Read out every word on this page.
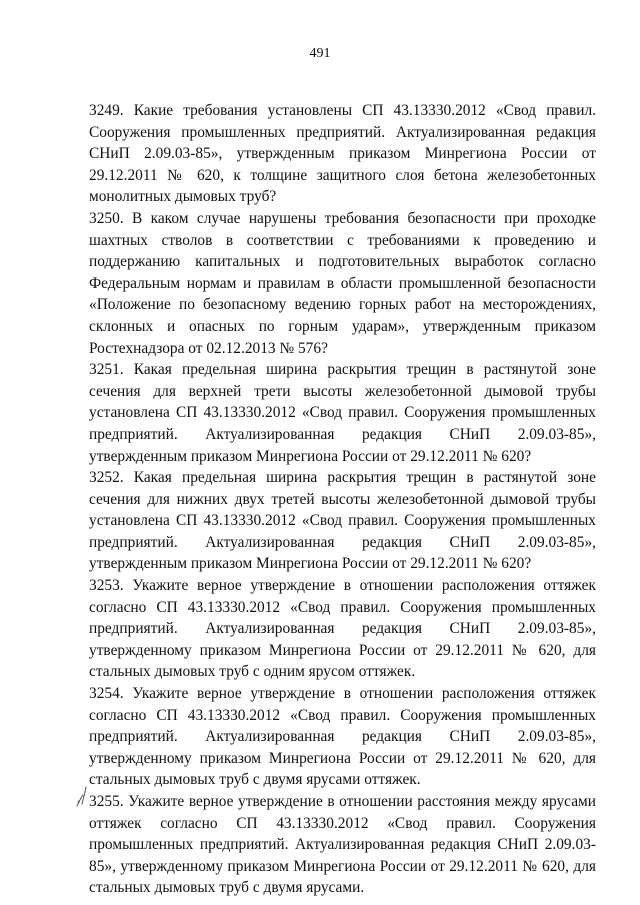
491

3249. Какие требования установлены СП 43.13330.2012 «Свод правил. Сооружения промышленных предприятий. Актуализированная редакция СНиП 2.09.03-85», утвержденным приказом Минрегиона России от 29.12.2011 № 620, к толщине защитного слоя бетона железобетонных монолитных дымовых труб?

3250. В каком случае нарушены требования безопасности при проходке шахтных стволов в соответствии с требованиями к проведению и поддержанию капитальных и подготовительных выработок согласно Федеральным нормам и правилам в области промышленной безопасности «Положение по безопасному ведению горных работ на месторождениях, склонных и опасных по горным ударам», утвержденным приказом Ростехнадзора от 02.12.2013 № 576?

3251. Какая предельная ширина раскрытия трещин в растянутой зоне сечения для верхней трети высоты железобетонной дымовой трубы установлена СП 43.13330.2012 «Свод правил. Сооружения промышленных предприятий. Актуализированная редакция СНиП 2.09.03-85», утвержденным приказом Минрегиона России от 29.12.2011 № 620?

3252. Какая предельная ширина раскрытия трещин в растянутой зоне сечения для нижних двух третей высоты железобетонной дымовой трубы установлена СП 43.13330.2012 «Свод правил. Сооружения промышленных предприятий. Актуализированная редакция СНиП 2.09.03-85», утвержденным приказом Минрегиона России от 29.12.2011 № 620?

3253. Укажите верное утверждение в отношении расположения оттяжек согласно СП 43.13330.2012 «Свод правил. Сооружения промышленных предприятий. Актуализированная редакция СНиП 2.09.03-85», утвержденному приказом Минрегиона России от 29.12.2011 № 620, для стальных дымовых труб с одним ярусом оттяжек.

3254. Укажите верное утверждение в отношении расположения оттяжек согласно СП 43.13330.2012 «Свод правил. Сооружения промышленных предприятий. Актуализированная редакция СНиП 2.09.03-85», утвержденному приказом Минрегиона России от 29.12.2011 № 620, для стальных дымовых труб с двумя ярусами оттяжек.

3255. Укажите верное утверждение в отношении расстояния между ярусами оттяжек согласно СП 43.13330.2012 «Свод правил. Сооружения промышленных предприятий. Актуализированная редакция СНиП 2.09.03-85», утвержденному приказом Минрегиона России от 29.12.2011 № 620, для стальных дымовых труб с двумя ярусами.
